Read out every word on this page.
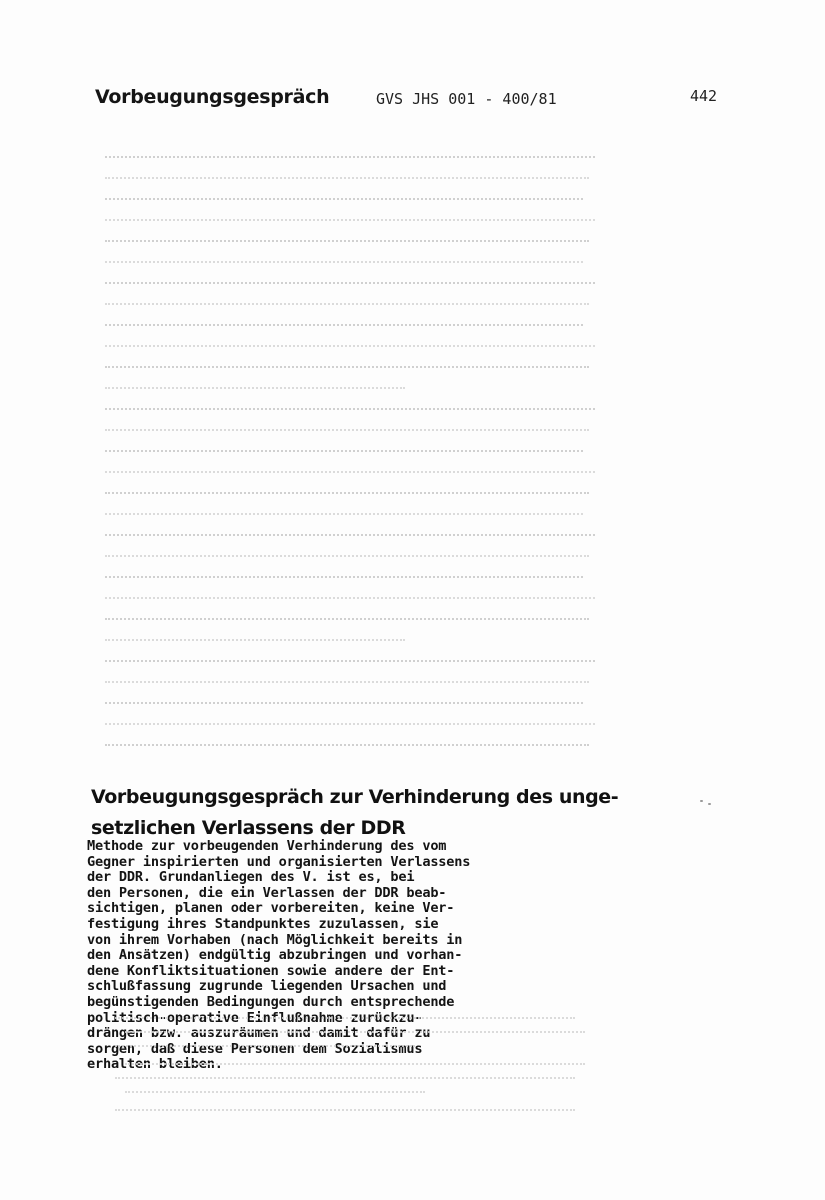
Vorbeugungsgespräch	GVS JHS 001 - 400/81	442
Vorbeugungsgespräch zur Verhinderung des unge-
setzlichen Verlassens der DDR
Methode zur vorbeugenden Verhinderung des vom
Gegner inspirierten und organisierten Verlassens
der DDR. Grundanliegen des V. ist es, bei
den Personen, die ein Verlassen der DDR beab-
sichtigen, planen oder vorbereiten, keine Ver-
festigung ihres Standpunktes zuzulassen, sie
von ihrem Vorhaben (nach Möglichkeit bereits in
den Ansätzen) endgültig abzubringen und vorhan-
dene Konfliktsituationen sowie andere der Ent-
schlußfassung zugrunde liegenden Ursachen und
begünstigenden Bedingungen durch entsprechende
politisch-operative Einflußnahme zurückzu-
drängen bzw. auszuräumen und damit dafür zu
sorgen, daß diese Personen dem Sozialismus
erhalten bleiben.
